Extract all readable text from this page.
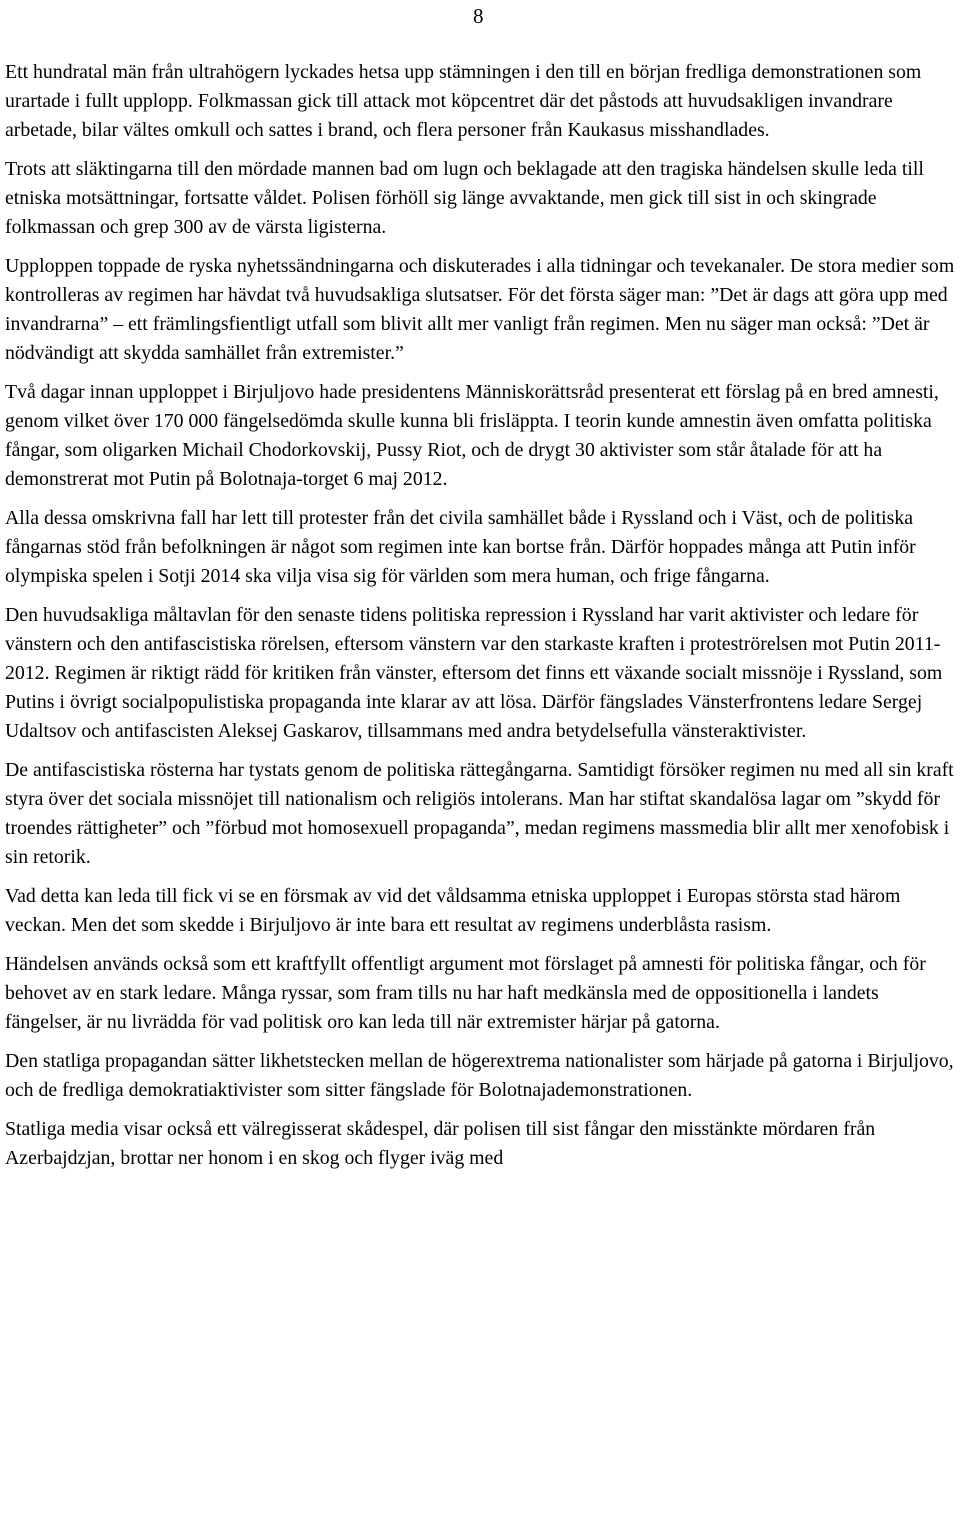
8

Ett hundratal män från ultrahögern lyckades hetsa upp stämningen i den till en början fredliga demonstrationen som urartade i fullt upplopp. Folkmassan gick till attack mot köpcentret där det påstods att huvudsakligen invandrare arbetade, bilar vältes omkull och sattes i brand, och flera personer från Kaukasus misshandlades.

Trots att släktingarna till den mördade mannen bad om lugn och beklagade att den tragiska händelsen skulle leda till etniska motsättningar, fortsatte våldet. Polisen förhöll sig länge avvaktande, men gick till sist in och skingrade folkmassan och grep 300 av de värsta ligisterna.

Upploppen toppade de ryska nyhetssändningarna och diskuterades i alla tidningar och tevekanaler. De stora medier som kontrolleras av regimen har hävdat två huvudsakliga slutsatser. För det första säger man: ”Det är dags att göra upp med invandrarna” – ett främlingsfientligt utfall som blivit allt mer vanligt från regimen. Men nu säger man också: ”Det är nödvändigt att skydda samhället från extremister.”

Två dagar innan upploppet i Birjuljovo hade presidentens Människorättsråd presenterat ett förslag på en bred amnesti, genom vilket över 170 000 fängelsedömda skulle kunna bli frisläppta. I teorin kunde amnestin även omfatta politiska fångar, som oligarken Michail Chodorkovskij, Pussy Riot, och de drygt 30 aktivister som står åtalade för att ha demonstrerat mot Putin på Bolotnaja-torget 6 maj 2012.

Alla dessa omskrivna fall har lett till protester från det civila samhället både i Ryssland och i Väst, och de politiska fångarnas stöd från befolkningen är något som regimen inte kan bortse från. Därför hoppades många att Putin inför olympiska spelen i Sotji 2014 ska vilja visa sig för världen som mera human, och frige fångarna.

Den huvudsakliga måltavlan för den senaste tidens politiska repression i Ryssland har varit aktivister och ledare för vänstern och den antifascistiska rörelsen, eftersom vänstern var den starkaste kraften i proteströrelsen mot Putin 2011-2012. Regimen är riktigt rädd för kritiken från vänster, eftersom det finns ett växande socialt missnöje i Ryssland, som Putins i övrigt socialpopulistiska propaganda inte klarar av att lösa. Därför fängslades Vänsterfrontens ledare Sergej Udaltsov och antifascisten Aleksej Gaskarov, tillsammans med andra betydelsefulla vänsteraktivister.

De antifascistiska rösterna har tystats genom de politiska rättegångarna. Samtidigt försöker regimen nu med all sin kraft styra över det sociala missnöjet till nationalism och religiös intolerans. Man har stiftat skandalösa lagar om ”skydd för troendes rättigheter” och ”förbud mot homosexuell propaganda”, medan regimens massmedia blir allt mer xenofobisk i sin retorik.

Vad detta kan leda till fick vi se en försmak av vid det våldsamma etniska upploppet i Europas största stad härom veckan. Men det som skedde i Birjuljovo är inte bara ett resultat av regimens underblåsta rasism.

Händelsen används också som ett kraftfyllt offentligt argument mot förslaget på amnesti för politiska fångar, och för behovet av en stark ledare. Många ryssar, som fram tills nu har haft medkänsla med de oppositionella i landets fängelser, är nu livrädda för vad politisk oro kan leda till när extremister härjar på gatorna.

Den statliga propagandan sätter likhetstecken mellan de högerextrema nationalister som härjade på gatorna i Birjuljovo, och de fredliga demokratiaktivister som sitter fängslade för Bolotnajademonstrationen.

Statliga media visar också ett välregisserat skådespel, där polisen till sist fångar den misstänkte mördaren från Azerbajdzjan, brottar ner honom i en skog och flyger iväg med
